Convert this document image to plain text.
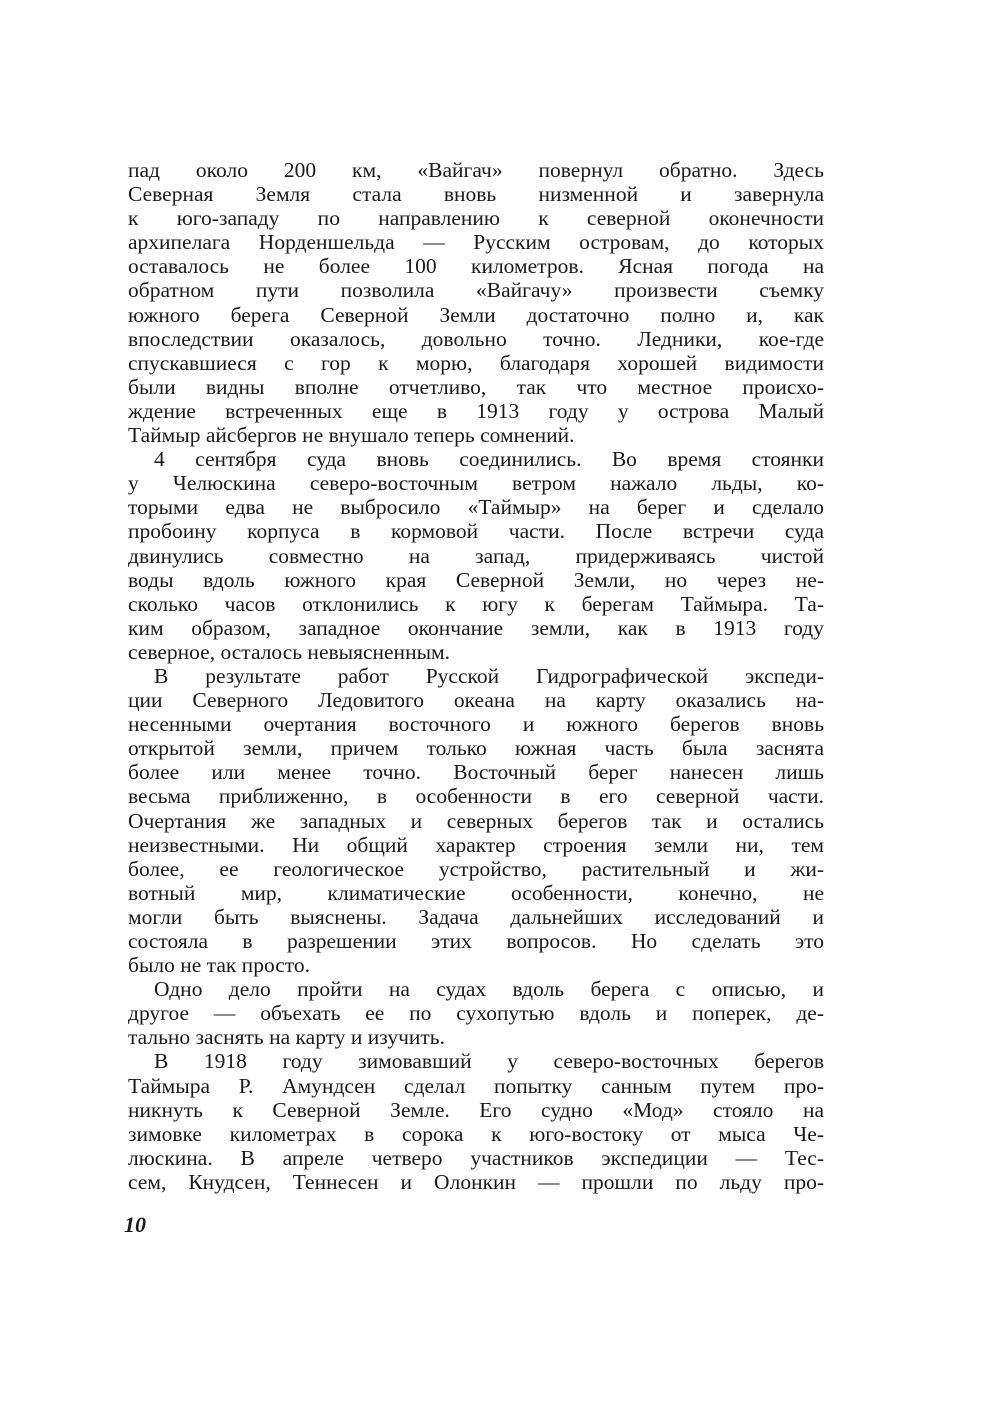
пад около 200 км, «Вайгач» повернул обратно. Здесь
Северная Земля стала вновь низменной и завернула
к юго-западу по направлению к северной оконечности
архипелага Норденшельда — Русским островам, до которых
оставалось не более 100 километров. Ясная погода на
обратном пути позволила «Вайгачу» произвести съемку
южного берега Северной Земли достаточно полно и, как
впоследствии оказалось, довольно точно. Ледники, кое-где
спускавшиеся с гор к морю, благодаря хорошей видимости
были видны вполне отчетливо, так что местное происхо-
ждение встреченных еще в 1913 году у острова Малый
Таймыр айсбергов не внушало теперь сомнений.
4 сентября суда вновь соединились. Во время стоянки
у Челюскина северо-восточным ветром нажало льды, ко-
торыми едва не выбросило «Таймыр» на берег и сделало
пробоину корпуса в кормовой части. После встречи суда
двинулись совместно на запад, придерживаясь чистой
воды вдоль южного края Северной Земли, но через не-
сколько часов отклонились к югу к берегам Таймыра. Та-
ким образом, западное окончание земли, как в 1913 году
северное, осталось невыясненным.
В результате работ Русской Гидрографической экспеди-
ции Северного Ледовитого океана на карту оказались на-
несенными очертания восточного и южного берегов вновь
открытой земли, причем только южная часть была заснята
более или менее точно. Восточный берег нанесен лишь
весьма приближенно, в особенности в его северной части.
Очертания же западных и северных берегов так и остались
неизвестными. Ни общий характер строения земли ни, тем
более, ее геологическое устройство, растительный и жи-
вотный мир, климатические особенности, конечно, не
могли быть выяснены. Задача дальнейших исследований и
состояла в разрешении этих вопросов. Но сделать это
было не так просто.
Одно дело пройти на судах вдоль берега с описью, и
другое — объехать ее по сухопутью вдоль и поперек, де-
тально заснять на карту и изучить.
В 1918 году зимовавший у северо-восточных берегов
Таймыра Р. Амундсен сделал попытку санным путем про-
никнуть к Северной Земле. Его судно «Мод» стояло на
зимовке километрах в сорока к юго-востоку от мыса Че-
люскина. В апреле четверо участников экспедиции — Тес-
сем, Кнудсен, Теннесен и Олонкин — прошли по льду про-
10
